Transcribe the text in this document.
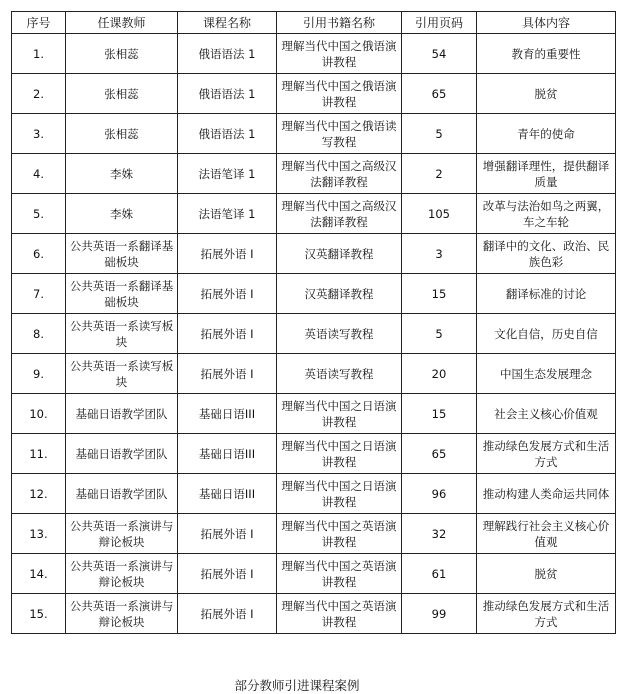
序号	任课教师	课程名称	引用书籍名称	引用页码	具体内容
1.	张相蕊	俄语语法 1	理解当代中国之俄语演讲教程	54	教育的重要性
2.	张相蕊	俄语语法 1	理解当代中国之俄语演讲教程	65	脱贫
3.	张相蕊	俄语语法 1	理解当代中国之俄语读写教程	5	青年的使命
4.	李姝	法语笔译 1	理解当代中国之高级汉法翻译教程	2	增强翻译理性，提供翻译质量
5.	李姝	法语笔译 1	理解当代中国之高级汉法翻译教程	105	改革与法治如鸟之两翼，车之车轮
6.	公共英语一系翻译基础板块	拓展外语 I	汉英翻译教程	3	翻译中的文化、政治、民族色彩
7.	公共英语一系翻译基础板块	拓展外语 I	汉英翻译教程	15	翻译标准的讨论
8.	公共英语一系读写板块	拓展外语 I	英语读写教程	5	文化自信，历史自信
9.	公共英语一系读写板块	拓展外语 I	英语读写教程	20	中国生态发展理念
10.	基础日语教学团队	基础日语III	理解当代中国之日语演讲教程	15	社会主义核心价值观
11.	基础日语教学团队	基础日语III	理解当代中国之日语演讲教程	65	推动绿色发展方式和生活方式
12.	基础日语教学团队	基础日语III	理解当代中国之日语演讲教程	96	推动构建人类命运共同体
13.	公共英语一系演讲与辩论板块	拓展外语 I	理解当代中国之英语演讲教程	32	理解践行社会主义核心价值观
14.	公共英语一系演讲与辩论板块	拓展外语 I	理解当代中国之英语演讲教程	61	脱贫
15.	公共英语一系演讲与辩论板块	拓展外语 I	理解当代中国之英语演讲教程	99	推动绿色发展方式和生活方式
部分教师引进课程案例
